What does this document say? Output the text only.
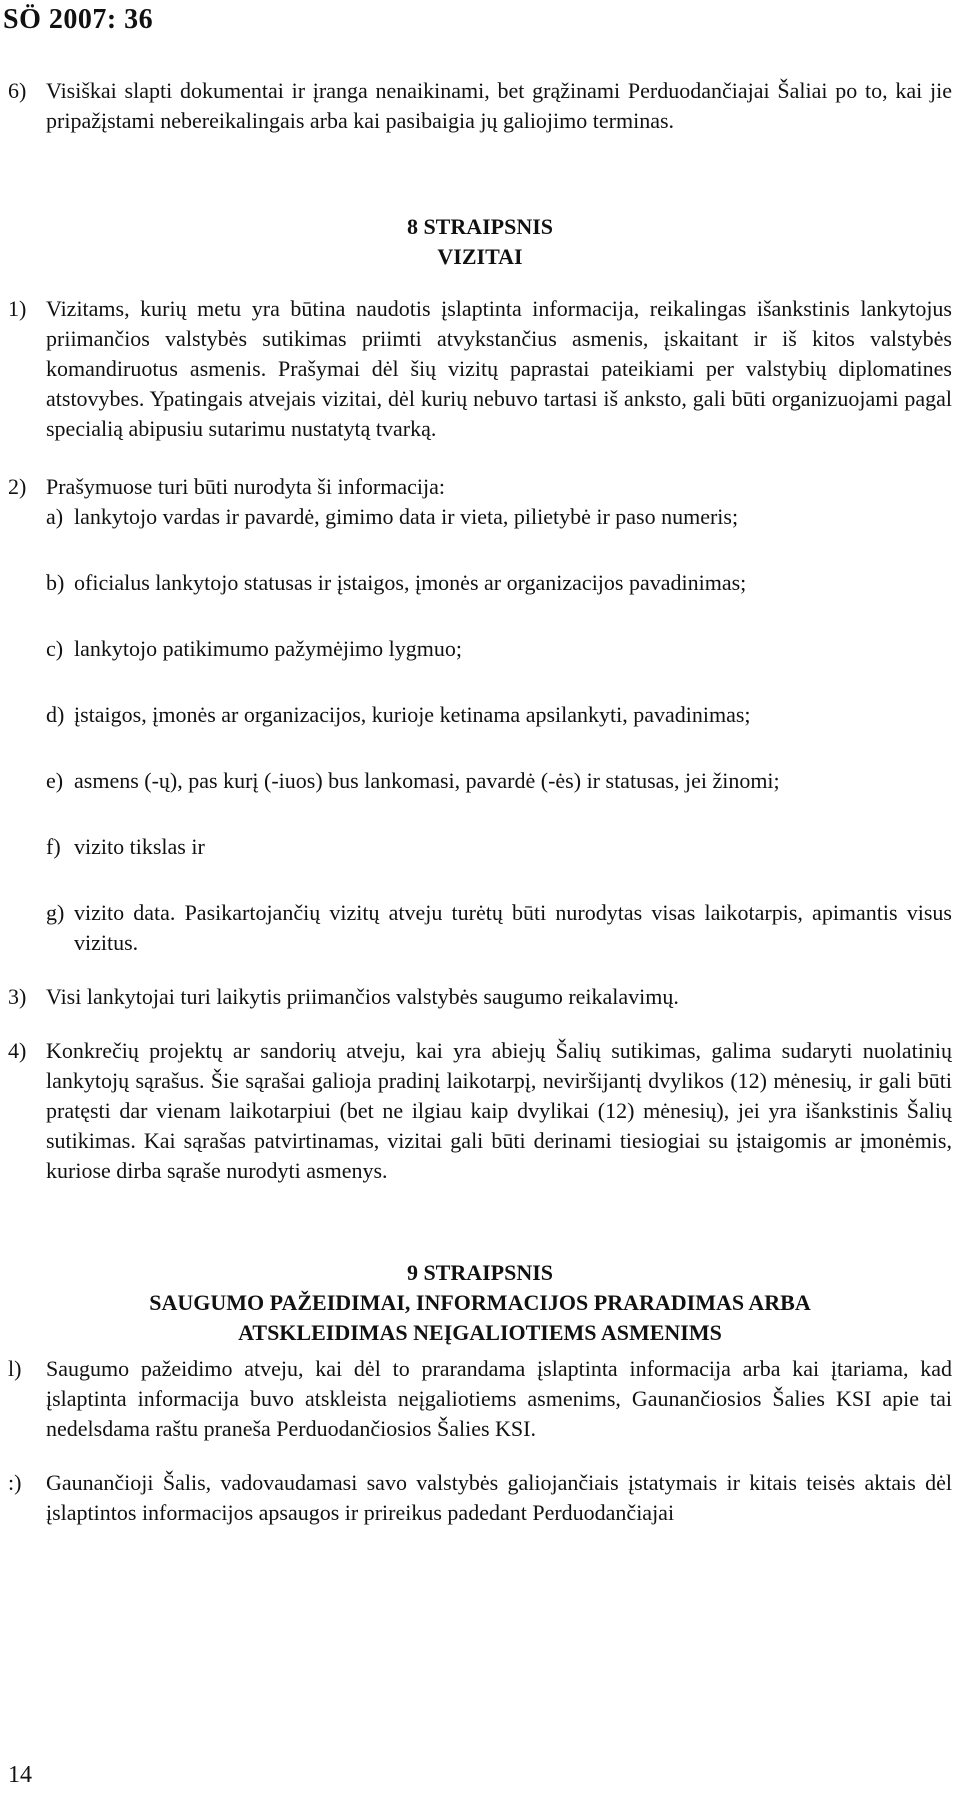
SÖ 2007: 36

6) Visiškai slapti dokumentai ir įranga nenaikinami, bet grąžinami Perduodančiajai Šaliai po to, kai jie pripažįstami nebereikalingais arba kai pasibaigia jų galiojimo terminas.

8 STRAIPSNIS

VIZITAI

1) Vizitams, kurių metu yra būtina naudotis įslaptinta informacija, reikalingas išankstinis lankytojus priimančios valstybės sutikimas priimti atvykstančius asmenis, įskaitant ir iš kitos valstybės komandiruotus asmenis. Prašymai dėl šių vizitų paprastai pateikiami per valstybių diplomatines atstovybes. Ypatingais atvejais vizitai, dėl kurių nebuvo tartasi iš anksto, gali būti organizuojami pagal specialią abipusiu sutarimu nustatytą tvarką.

2) Prašymuose turi būti nurodyta ši informacija:

a) lankytojo vardas ir pavardė, gimimo data ir vieta, pilietybė ir paso numeris;
b) oficialus lankytojo statusas ir įstaigos, įmonės ar organizacijos pavadinimas;
c) lankytojo patikimumo pažymėjimo lygmuo;
d) įstaigos, įmonės ar organizacijos, kurioje ketinama apsilankyti, pavadinimas;
e) asmens (-ų), pas kurį (-iuos) bus lankomasi, pavardė (-ės) ir statusas, jei žinomi;
f) vizito tikslas ir
g) vizito data. Pasikartojančių vizitų atveju turėtų būti nurodytas visas laikotarpis, apimantis visus vizitus.

3) Visi lankytojai turi laikytis priimančios valstybės saugumo reikalavimų.

4) Konkrečių projektų ar sandorių atveju, kai yra abiejų Šalių sutikimas, galima sudaryti nuolatinių lankytojų sąrašus. Šie sąrašai galioja pradinį laikotarpį, neviršijantį dvylikos (12) mėnesių, ir gali būti pratęsti dar vienam laikotarpiui (bet ne ilgiau kaip dvylikai (12) mėnesių), jei yra išankstinis Šalių sutikimas. Kai sąrašas patvirtinamas, vizitai gali būti derinami tiesiogiai su įstaigomis ar įmonėmis, kuriose dirba sąraše nurodyti asmenys.

9 STRAIPSNIS

SAUGUMO PAŽEIDIMAI, INFORMACIJOS PRARADIMAS ARBA

ATSKLEIDIMAS NEĮGALIOTIEMS ASMENIMS

l) Saugumo pažeidimo atveju, kai dėl to prarandama įslaptinta informacija arba kai įtariama, kad įslaptinta informacija buvo atskleista neįgaliotiems asmenims, Gaunančiosios Šalies KSI apie tai nedelsdama raštu praneša Perduodančiosios Šalies KSI.

:) Gaunančioji Šalis, vadovaudamasi savo valstybės galiojančiais įstatymais ir kitais teisės aktais dėl įslaptintos informacijos apsaugos ir prireikus padedant Perduodančiajai

14
